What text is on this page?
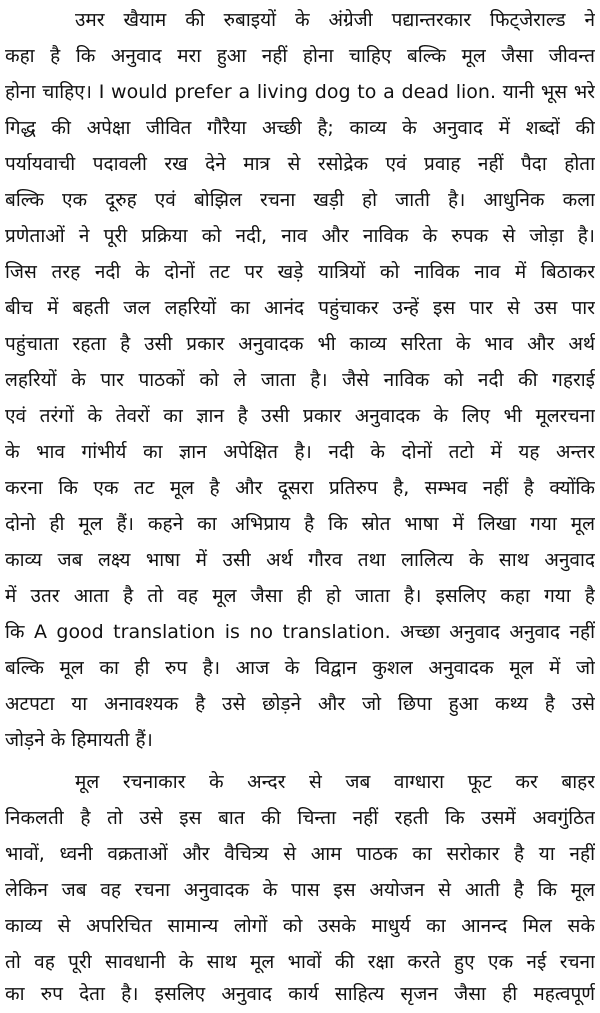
उमर खैयाम की रुबाइयों के अंग्रेजी पद्यान्तरकार फिट्‌जेराल्ड ने
कहा है कि अनुवाद मरा हुआ नहीं होना चाहिए बल्कि मूल जैसा जीवन्त
होना चाहिए। I would prefer a living dog to a dead lion. यानी भूस भरे
गिद्ध की अपेक्षा जीवित गौरैया अच्छी है; काव्य के अनुवाद में शब्दों की
पर्यायवाची पदावली रख देने मात्र से रसोद्रेक एवं प्रवाह नहीं पैदा होता
बल्कि एक दूरुह एवं बोझिल रचना खड़ी हो जाती है। आधुनिक कला
प्रणेताओं ने पूरी प्रक्रिया को नदी, नाव और नाविक के रुपक से जोड़ा है।
जिस तरह नदी के दोनों तट पर खड़े यात्रियों को नाविक नाव में बिठाकर
बीच में बहती जल लहरियों का आनंद पहुंचाकर उन्हें इस पार से उस पार
पहुंचाता रहता है उसी प्रकार अनुवादक भी काव्य सरिता के भाव और अर्थ
लहरियों के पार पाठकों को ले जाता है। जैसे नाविक को नदी की गहराई
एवं तरंगों के तेवरों का ज्ञान है उसी प्रकार अनुवादक के लिए भी मूलरचना
के भाव गांभीर्य का ज्ञान अपेक्षित है। नदी के दोनों तटो में यह अन्तर
करना कि एक तट मूल है और दूसरा प्रतिरुप है, सम्भव नहीं है क्योंकि
दोनो ही मूल हैं। कहने का अभिप्राय है कि स्रोत भाषा में लिखा गया मूल
काव्य जब लक्ष्य भाषा में उसी अर्थ गौरव तथा लालित्य के साथ अनुवाद
में उतर आता है तो वह मूल जैसा ही हो जाता है। इसलिए कहा गया है
कि A good translation is no translation. अच्छा अनुवाद अनुवाद नहीं
बल्कि मूल का ही रुप है। आज के विद्वान कुशल अनुवादक मूल में जो
अटपटा या अनावश्यक है उसे छोड़ने और जो छिपा हुआ कथ्य है उसे
जोड़ने के हिमायती हैं।
मूल रचनाकार के अन्दर से जब वाग्धारा फूट कर बाहर
निकलती है तो उसे इस बात की चिन्ता नहीं रहती कि उसमें अवगुंठित
भावों, ध्वनी वक्रताओं और वैचित्र्य से आम पाठक का सरोकार है या नहीं
लेकिन जब वह रचना अनुवादक के पास इस अयोजन से आती है कि मूल
काव्य से अपरिचित सामान्य लोगों को उसके माधुर्य का आनन्द मिल सके
तो वह पूरी सावधानी के साथ मूल भावों की रक्षा करते हुए एक नई रचना
का रुप देता है। इसलिए अनुवाद कार्य साहित्य सृजन जैसा ही महत्वपूर्ण
